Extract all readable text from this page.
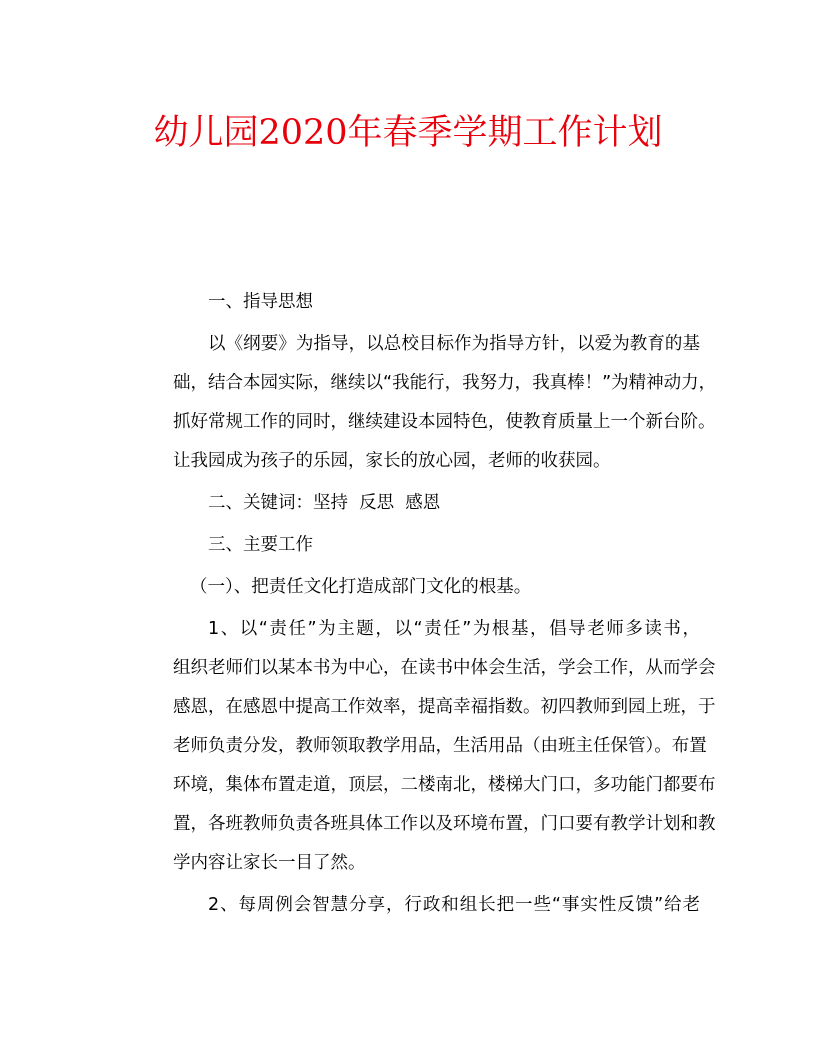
幼儿园2020年春季学期工作计划
一、指导思想
以《纲要》为指导，以总校目标作为指导方针，以爱为教育的基
础，结合本园实际，继续以“我能行，我努力，我真棒！”为精神动力，
抓好常规工作的同时，继续建设本园特色，使教育质量上一个新台阶。
让我园成为孩子的乐园，家长的放心园，老师的收获园。
二、关键词：坚持  反思  感恩
三、主要工作
（一）、把责任文化打造成部门文化的根基。
1、以“责任”为主题，以“责任”为根基，倡导老师多读书，
组织老师们以某本书为中心，在读书中体会生活，学会工作，从而学会
感恩，在感恩中提高工作效率，提高幸福指数。初四教师到园上班，于
老师负责分发，教师领取教学用品，生活用品（由班主任保管）。布置
环境，集体布置走道，顶层，二楼南北，楼梯大门口，多功能门都要布
置，各班教师负责各班具体工作以及环境布置，门口要有教学计划和教
学内容让家长一目了然。
2、每周例会智慧分享，行政和组长把一些“事实性反馈”给老
